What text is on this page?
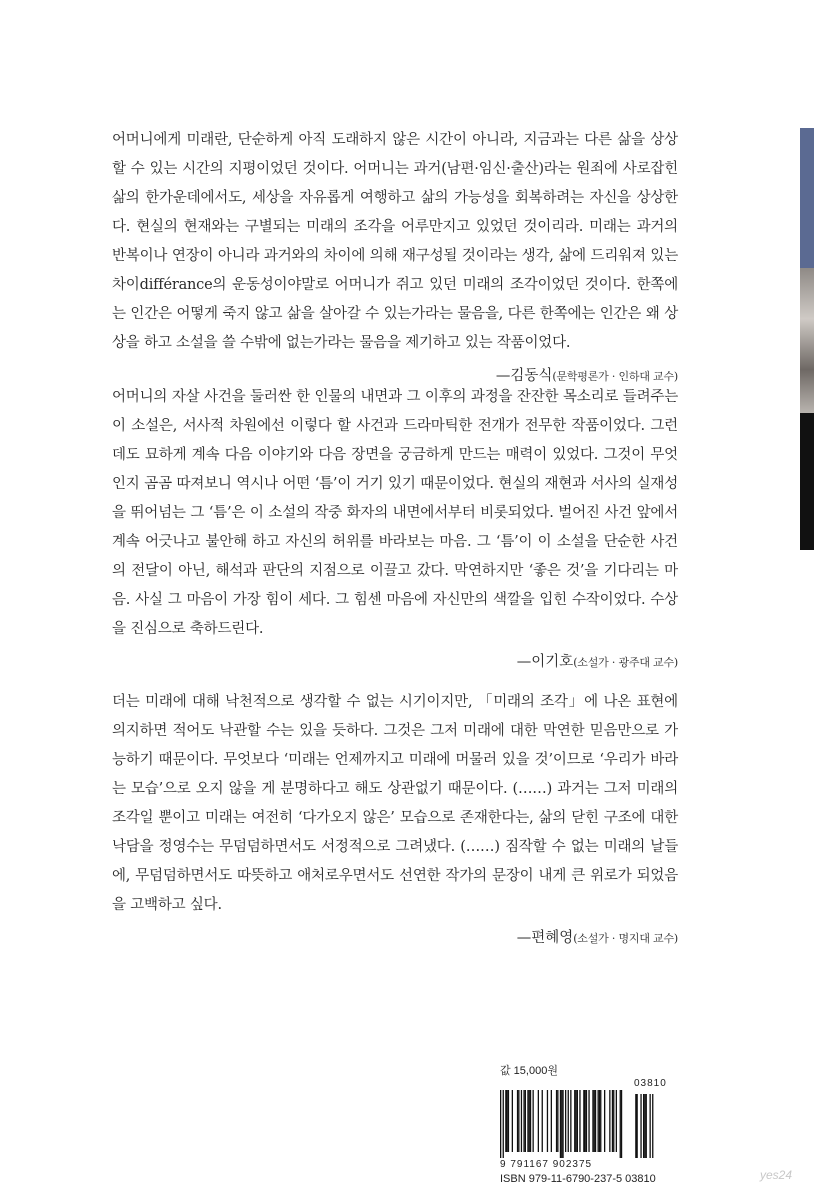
어머니에게 미래란, 단순하게 아직 도래하지 않은 시간이 아니라, 지금과는 다른 삶을 상상할 수 있는 시간의 지평이었던 것이다. 어머니는 과거(남편·임신·출산)라는 원죄에 사로잡힌 삶의 한가운데에서도, 세상을 자유롭게 여행하고 삶의 가능성을 회복하려는 자신을 상상한다. 현실의 현재와는 구별되는 미래의 조각을 어루만지고 있었던 것이리라. 미래는 과거의 반복이나 연장이 아니라 과거와의 차이에 의해 재구성될 것이라는 생각, 삶에 드리워져 있는 차이différance의 운동성이야말로 어머니가 쥐고 있던 미래의 조각이었던 것이다. 한쪽에는 인간은 어떻게 죽지 않고 삶을 살아갈 수 있는가라는 물음을, 다른 한쪽에는 인간은 왜 상상을 하고 소설을 쓸 수밖에 없는가라는 물음을 제기하고 있는 작품이었다.

—김동식(문학평론가 · 인하대 교수)

어머니의 자살 사건을 둘러싼 한 인물의 내면과 그 이후의 과정을 잔잔한 목소리로 들려주는 이 소설은, 서사적 차원에선 이렇다 할 사건과 드라마틱한 전개가 전무한 작품이었다. 그런데도 묘하게 계속 다음 이야기와 다음 장면을 궁금하게 만드는 매력이 있었다. 그것이 무엇인지 곰곰 따져보니 역시나 어떤 ‘틈’이 거기 있기 때문이었다. 현실의 재현과 서사의 실재성을 뛰어넘는 그 ‘틈’은 이 소설의 작중 화자의 내면에서부터 비롯되었다. 벌어진 사건 앞에서 계속 어긋나고 불안해 하고 자신의 허위를 바라보는 마음. 그 ‘틈’이 이 소설을 단순한 사건의 전달이 아닌, 해석과 판단의 지점으로 이끌고 갔다. 막연하지만 ‘좋은 것’을 기다리는 마음. 사실 그 마음이 가장 힘이 세다. 그 힘센 마음에 자신만의 색깔을 입힌 수작이었다. 수상을 진심으로 축하드린다.

—이기호(소설가 · 광주대 교수)

더는 미래에 대해 낙천적으로 생각할 수 없는 시기이지만, 「미래의 조각」에 나온 표현에 의지하면 적어도 낙관할 수는 있을 듯하다. 그것은 그저 미래에 대한 막연한 믿음만으로 가능하기 때문이다. 무엇보다 ‘미래는 언제까지고 미래에 머물러 있을 것’이므로 ‘우리가 바라는 모습’으로 오지 않을 게 분명하다고 해도 상관없기 때문이다. (……) 과거는 그저 미래의 조각일 뿐이고 미래는 여전히 ‘다가오지 않은’ 모습으로 존재한다는, 삶의 닫힌 구조에 대한 낙담을 정영수는 무덤덤하면서도 서정적으로 그려냈다. (……) 짐작할 수 없는 미래의 날들에, 무덤덤하면서도 따뜻하고 애처로우면서도 선연한 작가의 문장이 내게 큰 위로가 되었음을 고백하고 싶다.

—편혜영(소설가 · 명지대 교수)
값 15,000원
03810
9 791167 902375
ISBN 979-11-6790-237-5 03810	yes24
